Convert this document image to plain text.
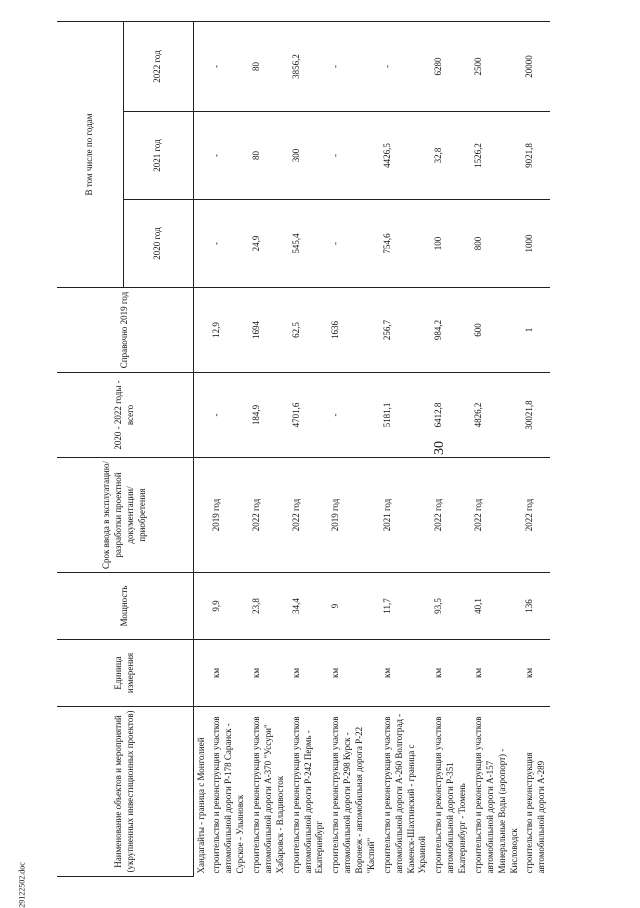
30
29122502.doc
Наименование объектов и мероприятий (укрупненных инвестиционных проектов)	Единица измерения	Мощность	Срок ввода в эксплуатацию/ разработки проектной документации/ приобретения	2020 - 2022 годы - всего	Справочно 2019 год	В том числе по годам		
						2020 год	2021 год	2022 год
Хандагайты - граница с Монголией								
строительство и реконструкция участков автомобильной дороги Р-178 Саранск - Сурское - Ульяновск	км	9,9	2019 год	-	12,9	-	-	-
строительство и реконструкция участков автомобильной дороги А-370 "Уссури" Хабаровск - Владивосток	км	23,8	2022 год	184,9	1694	24,9	80	80
строительство и реконструкция участков автомобильной дороги Р-242 Пермь - Екатеринбург	км	34,4	2022 год	4701,6	62,5	545,4	300	3856,2
строительство и реконструкция участков автомобильной дороги Р-298 Курск - Воронеж - автомобильная дорога Р-22 "Каспий"	км	9	2019 год	-	1636	-	-	-
строительство и реконструкция участков автомобильной дороги А-260 Волгоград - Каменск-Шахтинский - граница с Украиной	км	11,7	2021 год	5181,1	256,7	754,6	4426,5	-
строительство и реконструкция участков автомобильной дороги Р-351 Екатеринбург - Тюмень	км	93,5	2022 год	6412,8	984,2	100	32,8	6280
строительство и реконструкция участков автомобильной дороги А-157 Минеральные Воды (аэропорт) - Кисловодск	км	40,1	2022 год	4826,2	600	800	1526,2	2500
строительство и реконструкция автомобильной дороги А-289	км	136	2022 год	30021,8	1	1000	9021,8	20000
